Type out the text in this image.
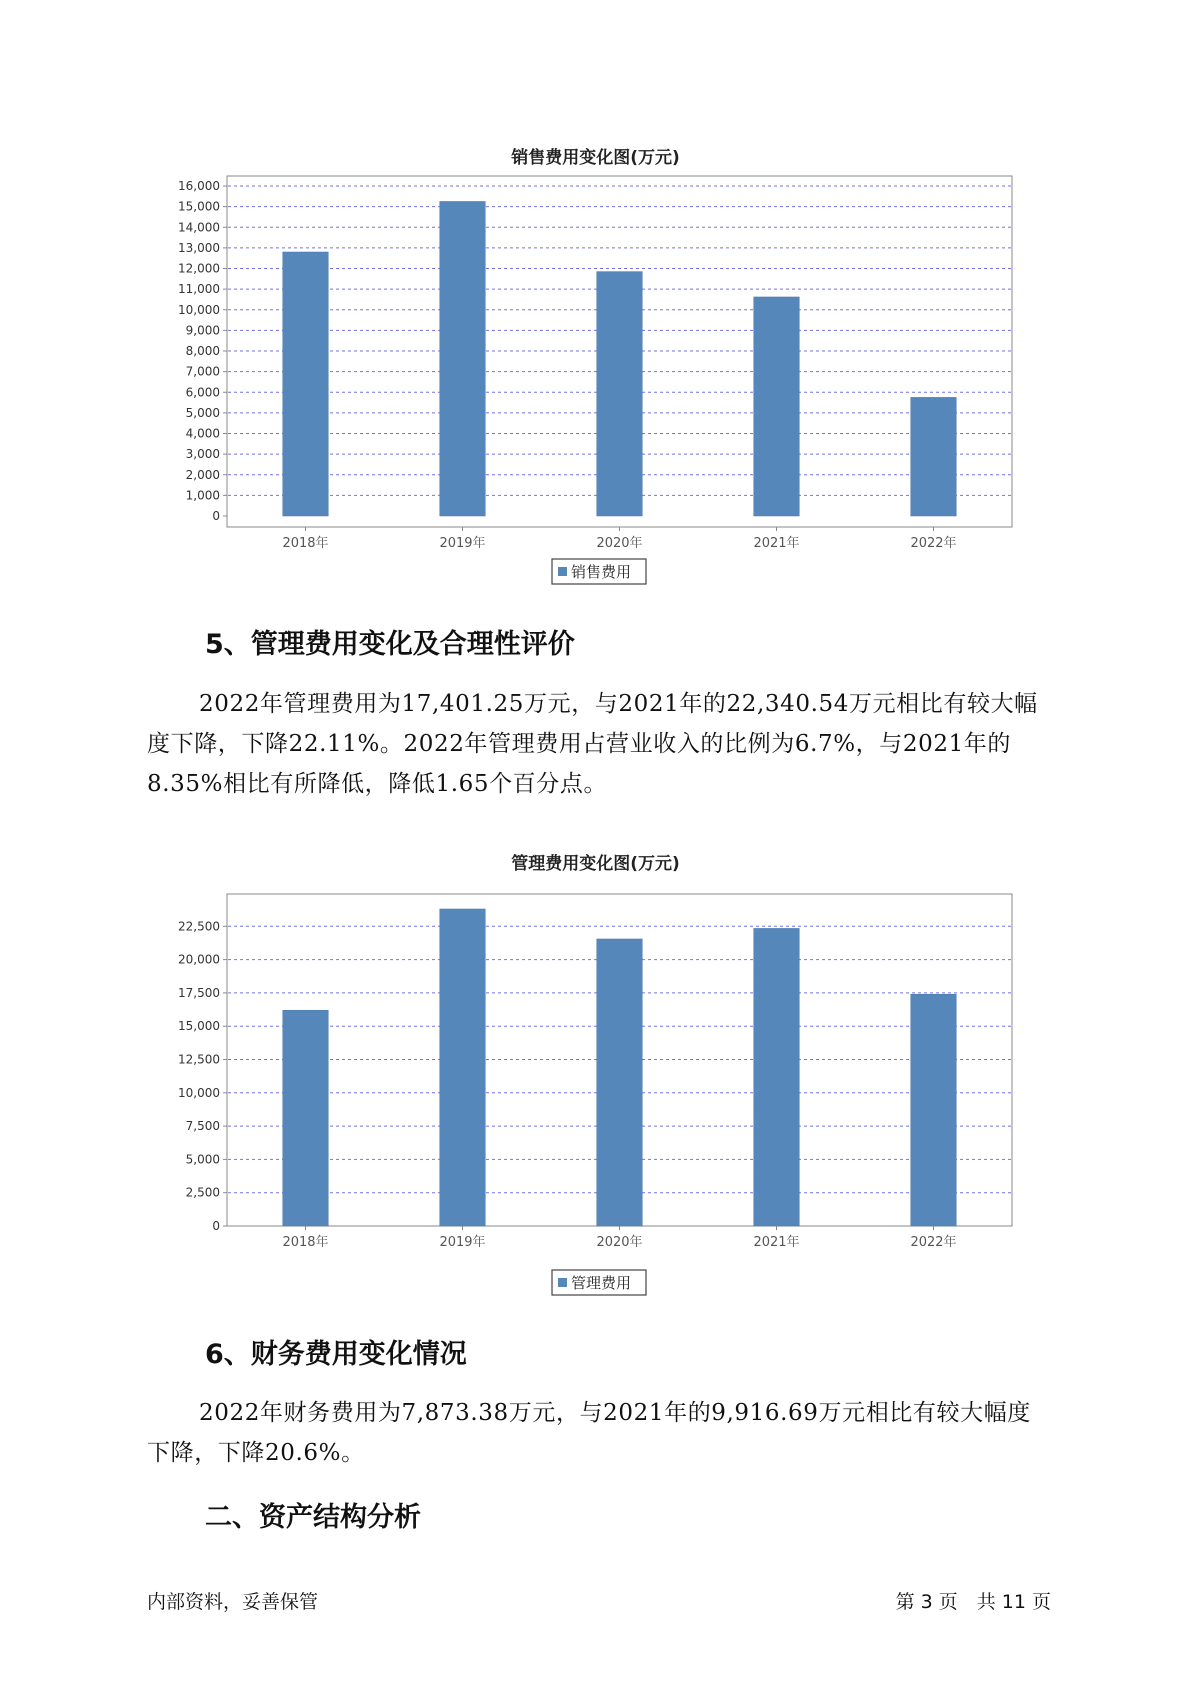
销售费用变化图(万元)
0
1,000
2,000
3,000
4,000
5,000
6,000
7,000
8,000
9,000
10,000
11,000
12,000
13,000
14,000
15,000
16,000
2018年	2019年	2020年	2021年	2022年
销售费用
5、管理费用变化及合理性评价

2022年管理费用为17,401.25万元，与2021年的22,340.54万元相比有较大幅度下降，下降22.11%。2022年管理费用占营业收入的比例为6.7%，与2021年的8.35%相比有所降低，降低1.65个百分点。

管理费用变化图(万元)
0
2,500
5,000
7,500
10,000
12,500
15,000
17,500
20,000
22,500
2018年	2019年	2020年	2021年	2022年
管理费用
6、财务费用变化情况

2022年财务费用为7,873.38万元，与2021年的9,916.69万元相比有较大幅度下降，下降20.6%。

二、资产结构分析
内部资料，妥善保管	第 3 页　共 11 页
